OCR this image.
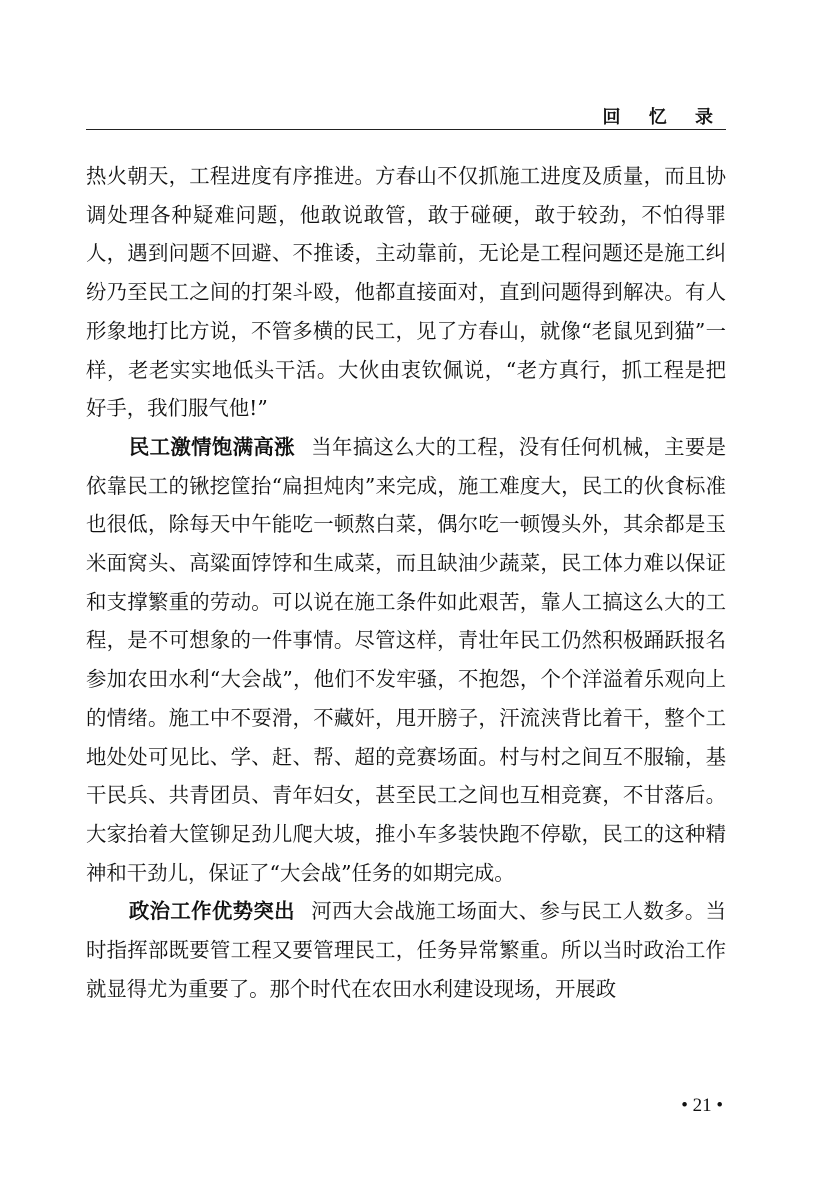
回 忆 录

热火朝天，工程进度有序推进。方春山不仅抓施工进度及质量，而且协调处理各种疑难问题，他敢说敢管，敢于碰硬，敢于较劲，不怕得罪人，遇到问题不回避、不推诿，主动靠前，无论是工程问题还是施工纠纷乃至民工之间的打架斗殴，他都直接面对，直到问题得到解决。有人形象地打比方说，不管多横的民工，见了方春山，就像“老鼠见到猫”一样，老老实实地低头干活。大伙由衷钦佩说，“老方真行，抓工程是把好手，我们服气他!”

民工激情饱满高涨 当年搞这么大的工程，没有任何机械，主要是依靠民工的锹挖筐抬“扁担炖肉”来完成，施工难度大，民工的伙食标准也很低，除每天中午能吃一顿熬白菜，偶尔吃一顿馒头外，其余都是玉米面窝头、高粱面饽饽和生咸菜，而且缺油少蔬菜，民工体力难以保证和支撑繁重的劳动。可以说在施工条件如此艰苦，靠人工搞这么大的工程，是不可想象的一件事情。尽管这样，青壮年民工仍然积极踊跃报名参加农田水利“大会战”，他们不发牢骚，不抱怨，个个洋溢着乐观向上的情绪。施工中不耍滑，不藏奸，甩开膀子，汗流浃背比着干，整个工地处处可见比、学、赶、帮、超的竞赛场面。村与村之间互不服输，基干民兵、共青团员、青年妇女，甚至民工之间也互相竞赛，不甘落后。大家抬着大筐铆足劲儿爬大坡，推小车多装快跑不停歇，民工的这种精神和干劲儿，保证了“大会战”任务的如期完成。

政治工作优势突出 河西大会战施工场面大、参与民工人数多。当时指挥部既要管工程又要管理民工，任务异常繁重。所以当时政治工作就显得尤为重要了。那个时代在农田水利建设现场，开展政

• 21 •
